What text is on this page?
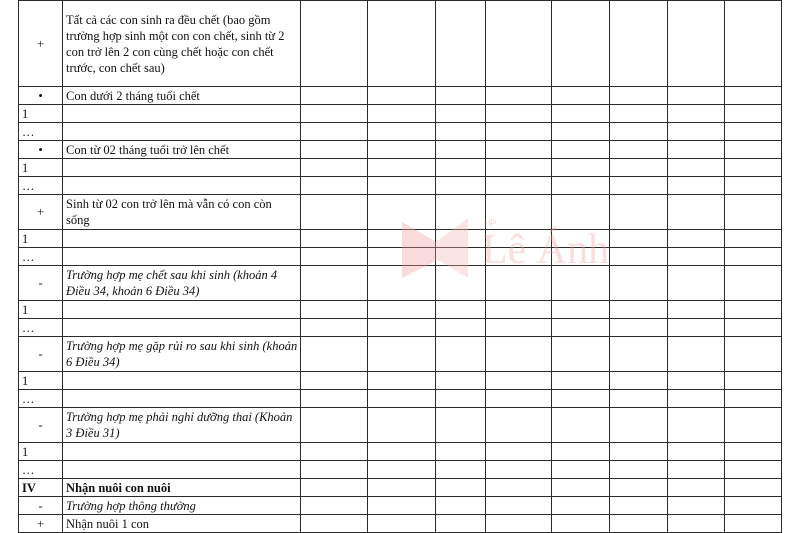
+	Tất cả các con sinh ra đều chết (bao gồm trường hợp sinh một con con chết, sinh từ 2 con trở lên 2 con cùng chết hoặc con chết trước, con chết sau)								
•	Con dưới 2 tháng tuổi chết								
1									
…									
•	Con từ 02 tháng tuổi trở lên chết								
1									
…									
+	Sinh từ 02 con trở lên mà vẫn có con còn sống								
1									
…									
-	Trường hợp mẹ chết sau khi sinh (khoản 4 Điều 34, khoản 6 Điều 34)								
1									
…									
-	Trường hợp mẹ gặp rủi ro sau khi sinh (khoản 6 Điều 34)								
1									
…									
-	Trường hợp mẹ phải nghỉ dưỡng thai (Khoản 3 Điều 31)								
1									
…									
IV	Nhận nuôi con nuôi								
-	Trường hợp thông thường								
+	Nhận nuôi 1 con								
HP
Lê Ánh
